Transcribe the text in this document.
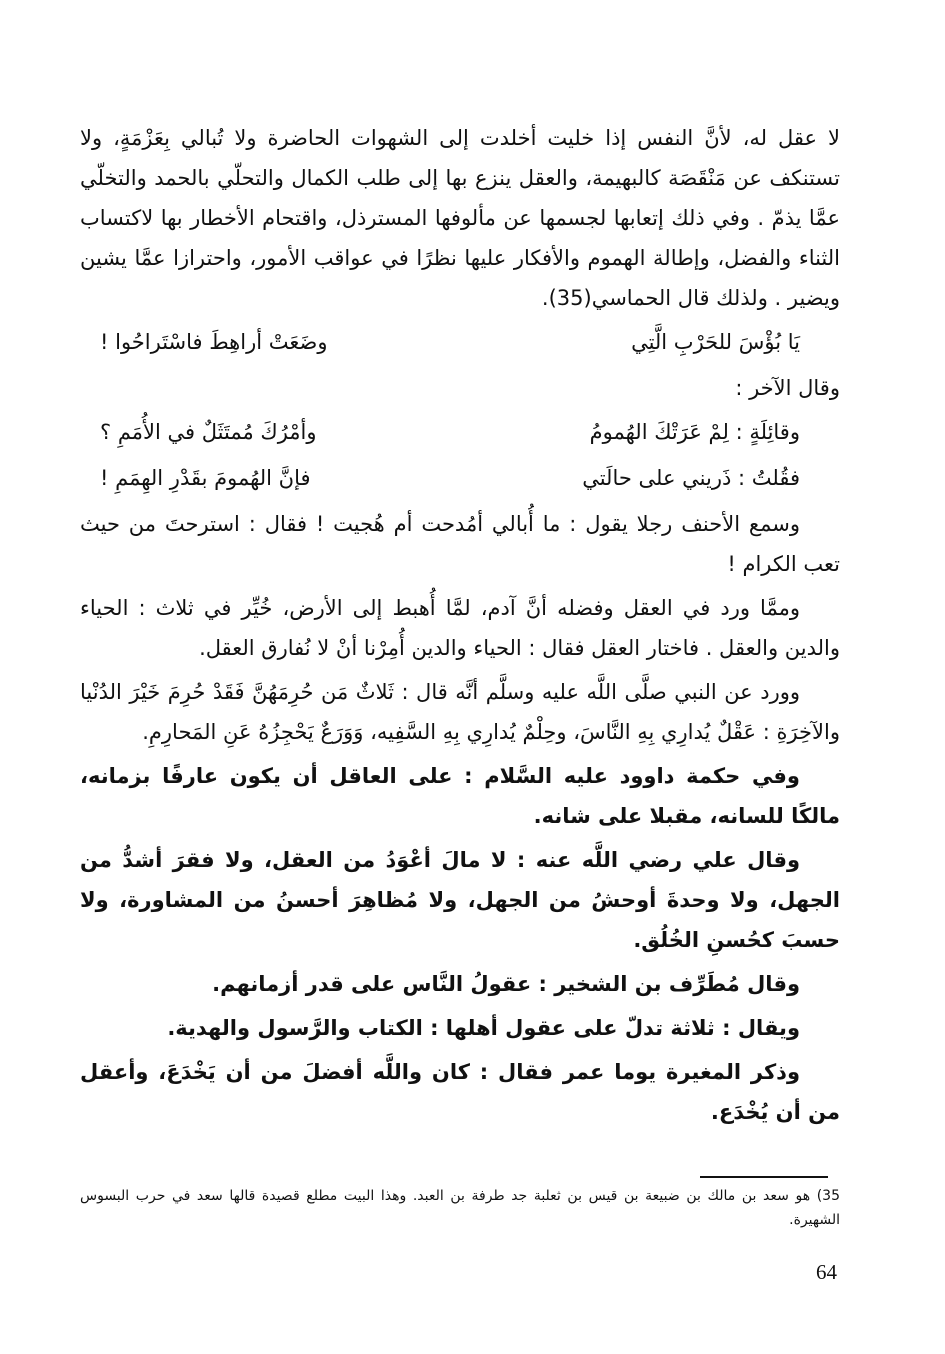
لا عقل له، لأنَّ النفس إذا خليت أخلدت إلى الشهوات الحاضرة ولا تُبالي بِعَزْمَةٍ، ولا تستنكف عن مَنْقَصَة كالبهيمة، والعقل ينزع بها إلى طلب الكمال والتحلّي بالحمد والتخلّي عمَّا يذمّ . وفي ذلك إتعابها لجسمها عن مألوفها المسترذل، واقتحام الأخطار بها لاكتساب الثناء والفضل، وإطالة الهموم والأفكار عليها نظرًا في عواقب الأمور، واحترازا عمَّا يشين ويضير . ولذلك قال الحماسي(35).

يَا بُؤْسَ للحَرْبِ الَّتِي
وضَعَتْ أراهِطَ فاسْتَراحُوا !

وقال الآخر :

وقائِلَةٍ : لِمْ عَرَتْكَ الهُمومُ
وأمْرُكَ مُمتَثَلٌ في الأُمَمِ ؟
فقُلتُ : ذَريني على حالَتي
فإنَّ الهُمومَ بقَدْرِ الهِمَمِ !

وسمع الأحنف رجلا يقول : ما أُبالي أمُدحت أم هُجيت ! فقال : استرحتَ من حيث تعب الكرام !

وممَّا ورد في العقل وفضله أنَّ آدم، لمَّا أُهبط إلى الأرض، خُيِّر في ثلاث : الحياء والدين والعقل . فاختار العقل فقال : الحياء والدين أُمِرْنا أنْ لا نُفارق العقل.

وورد عن النبي صلَّى اللَّه عليه وسلَّم أنَّه قال : ثَلاثٌ مَن حُرِمَهُنَّ فَقَدْ حُرِمَ خَيْرَ الدُنْيا والآخِرَةِ : عَقْلٌ يُدارِي بِهِ النَّاسَ، وحِلْمٌ يُدارِي بِهِ السَّفِيه، وَوَرَعٌ يَحْجِزُهُ عَنِ المَحارِمِ.

وفي حكمة داوود عليه السَّلام : على العاقل أن يكون عارفًا بزمانه، مالكًا للسانه، مقبلا على شانه.

وقال علي رضي اللَّه عنه : لا مالَ أعْوَدُ من العقل، ولا فقرَ أشدُّ من الجهل، ولا وحدةَ أوحشُ من الجهل، ولا مُظاهِرَ أحسنُ من المشاورة، ولا حسبَ كحُسنِ الخُلُق.

وقال مُطَرِّف بن الشخير : عقولُ النَّاس على قدر أزمانهم.

ويقال : ثلاثة تدلّ على عقول أهلها : الكتاب والرَّسول والهدية.

وذكر المغيرة يوما عمر فقال : كان واللَّه أفضلَ من أن يَخْدَعَ، وأعقل من أن يُخْدَع.

35) هو سعد بن مالك بن ضبيعة بن قيس بن ثعلبة جد طرفة بن العبد. وهذا البيت مطلع قصيدة قالها سعد في حرب البسوس الشهيرة.
64
